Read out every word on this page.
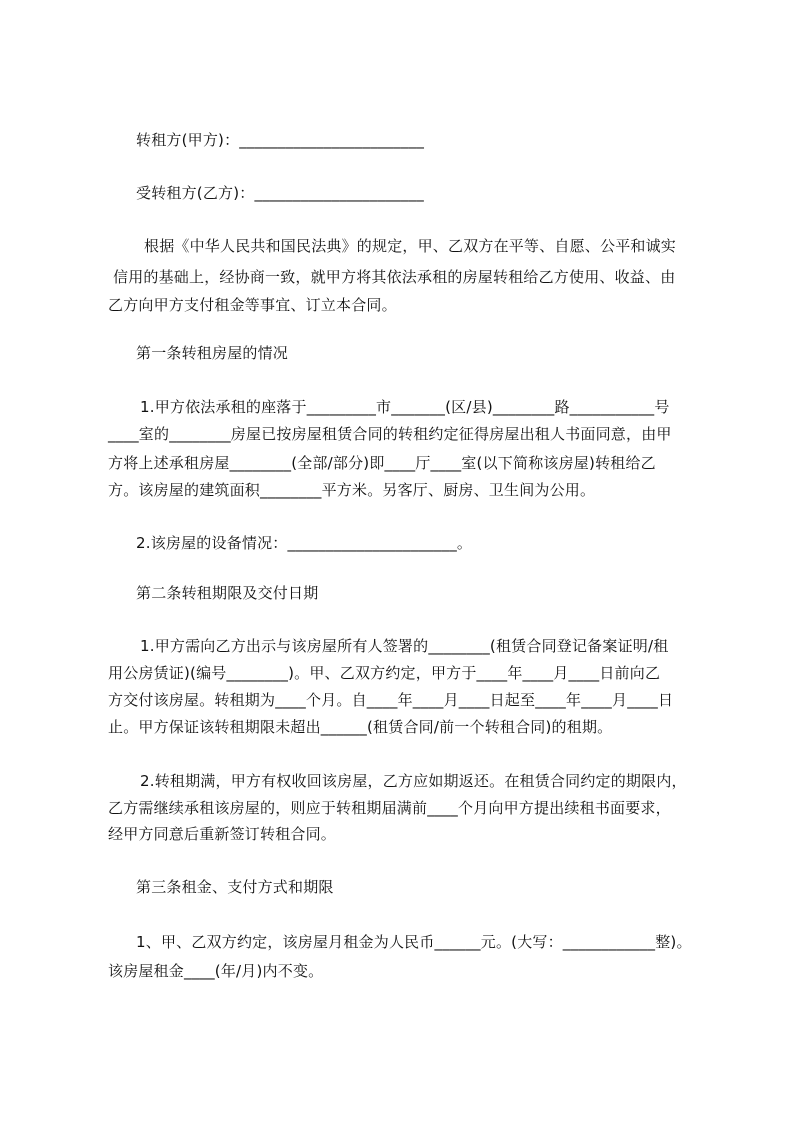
转租方(甲方)：________________________

受转租方(乙方)：______________________

根据《中华人民共和国民法典》的规定，甲、乙双方在平等、自愿、公平和诚实

信用的基础上，经协商一致，就甲方将其依法承租的房屋转租给乙方使用、收益、由

乙方向甲方支付租金等事宜、订立本合同。

第一条转租房屋的情况

1.甲方依法承租的座落于_________市_______(区/县)________路___________号

____室的________房屋已按房屋租赁合同的转租约定征得房屋出租人书面同意，由甲

方将上述承租房屋________(全部/部分)即____厅____室(以下简称该房屋)转租给乙

方。该房屋的建筑面积________平方米。另客厅、厨房、卫生间为公用。

2.该房屋的设备情况：______________________。

第二条转租期限及交付日期

1.甲方需向乙方出示与该房屋所有人签署的________(租赁合同登记备案证明/租

用公房赁证)(编号________)。甲、乙双方约定，甲方于____年____月____日前向乙

方交付该房屋。转租期为____个月。自____年____月____日起至____年____月____日

止。甲方保证该转租期限未超出______(租赁合同/前一个转租合同)的租期。

2.转租期满，甲方有权收回该房屋，乙方应如期返还。在租赁合同约定的期限内，

乙方需继续承租该房屋的，则应于转租期届满前____个月向甲方提出续租书面要求，

经甲方同意后重新签订转租合同。

第三条租金、支付方式和期限

1、甲、乙双方约定，该房屋月租金为人民币______元。(大写：____________整)。

该房屋租金____(年/月)内不变。
